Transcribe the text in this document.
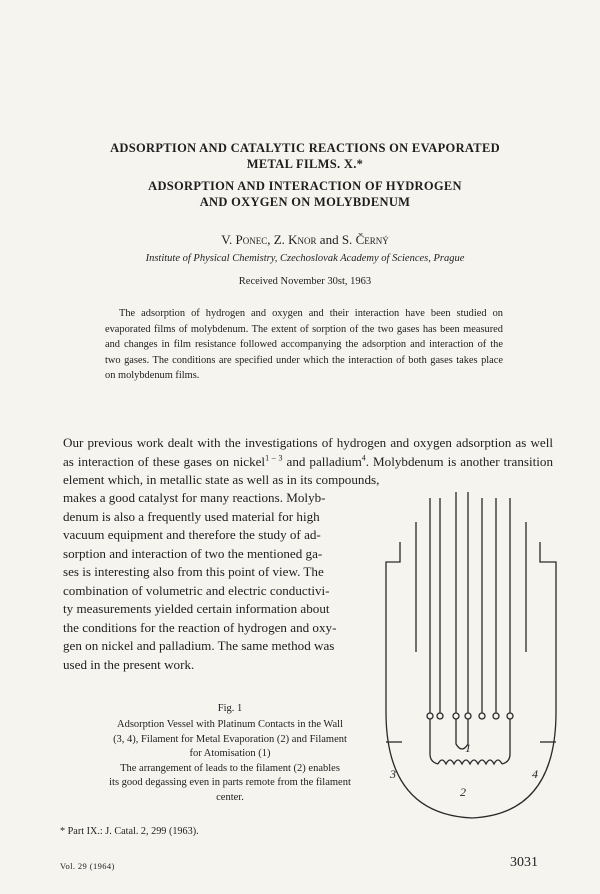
ADSORPTION AND CATALYTIC REACTIONS ON EVAPORATED
METAL FILMS. X.*
ADSORPTION AND INTERACTION OF HYDROGEN
AND OXYGEN ON MOLYBDENUM
V. Ponec, Z. Knor and S. Černý
Institute of Physical Chemistry, Czechoslovak Academy of Sciences, Prague
Received November 30st, 1963
The adsorption of hydrogen and oxygen and their interaction have been studied on evaporated films of molybdenum. The extent of sorption of the two gases has been measured and changes in film resistance followed accompanying the adsorption and interaction of the two gases. The conditions are specified under which the interaction of both gases takes place on molybdenum films.
Our previous work dealt with the investigations of hydrogen and oxygen adsorption as well as interaction of these gases on nickel$^{1 - 3}$ and palladium$^4$. Molybdenum is another transition element which, in metallic state as well as in its compounds,
makes a good catalyst for many reactions. Molyb-
denum is also a frequently used material for high
vacuum equipment and therefore the study of ad-
sorption and interaction of two the mentioned ga-
ses is interesting also from this point of view. The
combination of volumetric and electric conductivi-
ty measurements yielded certain information about
the conditions for the reaction of hydrogen and oxy-
gen on nickel and palladium. The same method was
used in the present work.
1
2
3	4
Fig. 1
Adsorption Vessel with Platinum Contacts in the Wall
(3, 4), Filament for Metal Evaporation (2) and Filament
for Atomisation (1)
The arrangement of leads to the filament (2) enables
its good degassing even in parts remote from the filament
center.
* Part IX.: J. Catal. 2, 299 (1963).
Vol. 29 (1964)	3031
